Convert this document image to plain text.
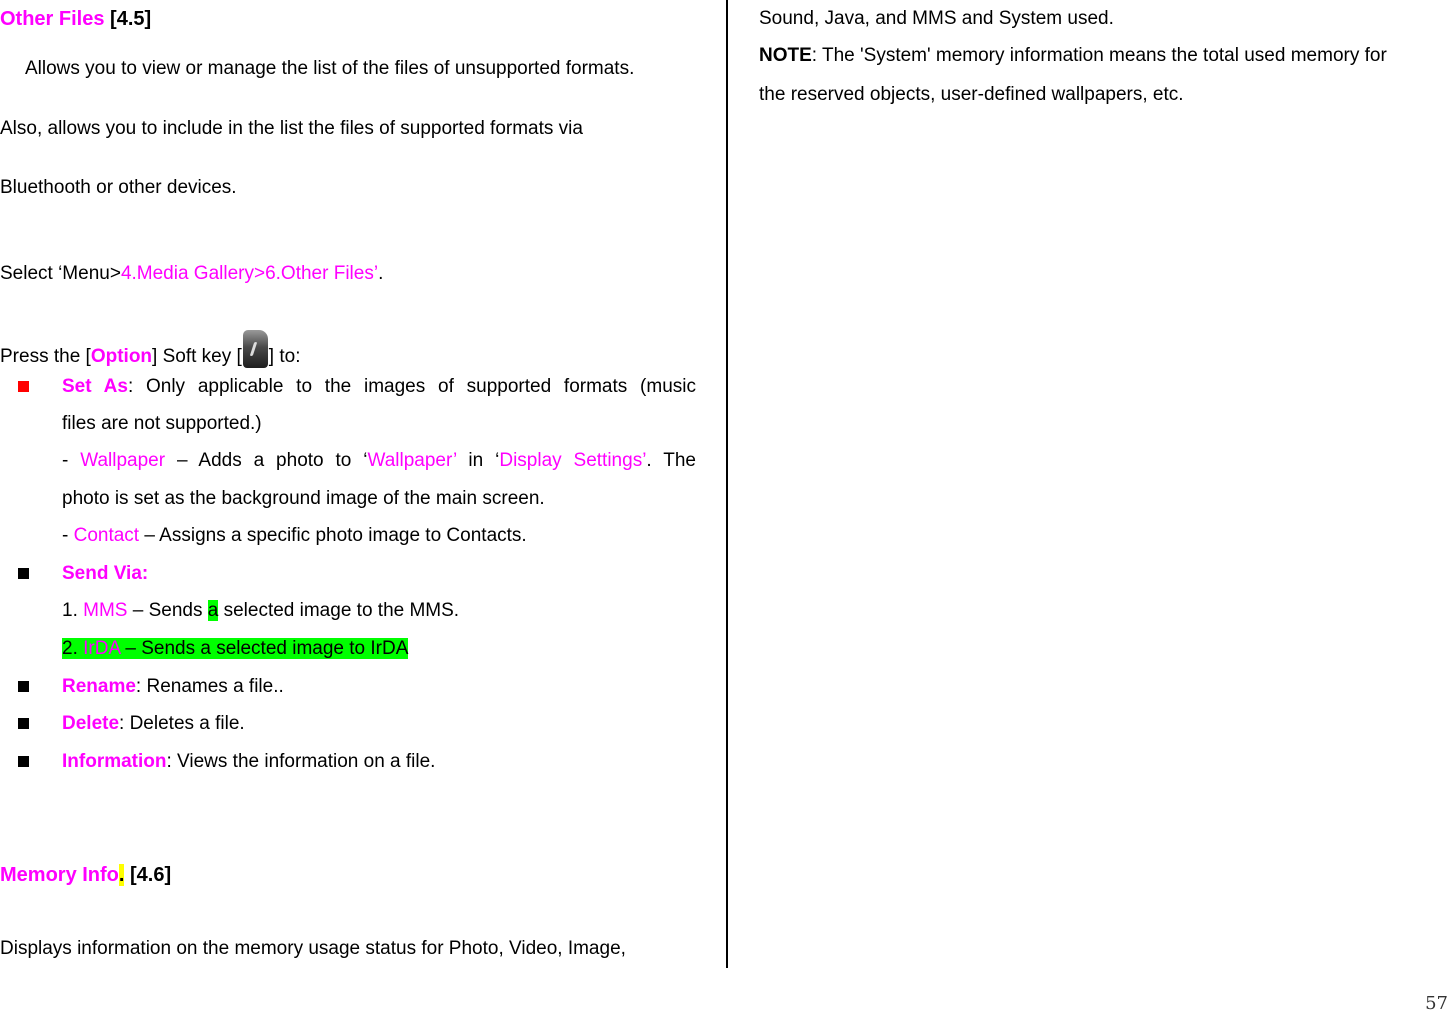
Other Files [4.5]
Allows you to view or manage the list of the files of unsupported formats.
Also, allows you to include in the list the files of supported formats via
Bluethooth or other devices.
Select ‘Menu>4.Media Gallery>6.Other Files’.
Press the [Option] Soft key [ ] to:
Set As: Only applicable to the images of supported formats (music
files are not supported.)
- Wallpaper – Adds a photo to ‘Wallpaper’ in ‘Display Settings’. The
photo is set as the background image of the main screen.
- Contact – Assigns a specific photo image to Contacts.
Send Via:
1. MMS – Sends a selected image to the MMS.
2. IrDA – Sends a selected image to IrDA
Rename: Renames a file..
Delete: Deletes a file.
Information: Views the information on a file.
Memory Info. [4.6]
Displays information on the memory usage status for Photo, Video, Image,
Sound, Java, and MMS and System used.
NOTE: The 'System' memory information means the total used memory for
the reserved objects, user-defined wallpapers, etc.
57
